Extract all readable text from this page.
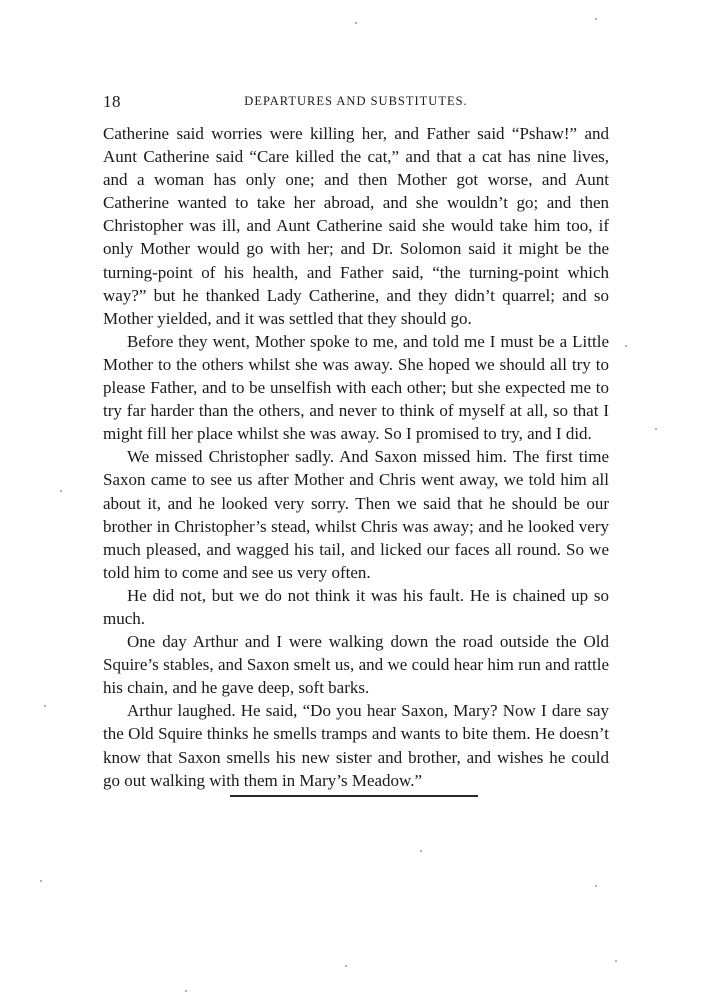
18	DEPARTURES AND SUBSTITUTES.

Catherine said worries were killing her, and Father said “Pshaw!” and Aunt Catherine said “Care killed the cat,” and that a cat has nine lives, and a woman has only one; and then Mother got worse, and Aunt Catherine wanted to take her abroad, and she wouldn’t go; and then Christopher was ill, and Aunt Catherine said she would take him too, if only Mother would go with her; and Dr. Solomon said it might be the turning-point of his health, and Father said, “the turning-point which way?” but he thanked Lady Catherine, and they didn’t quarrel; and so Mother yielded, and it was settled that they should go.

Before they went, Mother spoke to me, and told me I must be a Little Mother to the others whilst she was away. She hoped we should all try to please Father, and to be unselfish with each other; but she expected me to try far harder than the others, and never to think of myself at all, so that I might fill her place whilst she was away. So I promised to try, and I did.

We missed Christopher sadly. And Saxon missed him. The first time Saxon came to see us after Mother and Chris went away, we told him all about it, and he looked very sorry. Then we said that he should be our brother in Christopher’s stead, whilst Chris was away; and he looked very much pleased, and wagged his tail, and licked our faces all round. So we told him to come and see us very often.

He did not, but we do not think it was his fault. He is chained up so much.

One day Arthur and I were walking down the road outside the Old Squire’s stables, and Saxon smelt us, and we could hear him run and rattle his chain, and he gave deep, soft barks.

Arthur laughed. He said, “Do you hear Saxon, Mary? Now I dare say the Old Squire thinks he smells tramps and wants to bite them. He doesn’t know that Saxon smells his new sister and brother, and wishes he could go out walking with them in Mary’s Meadow.”
